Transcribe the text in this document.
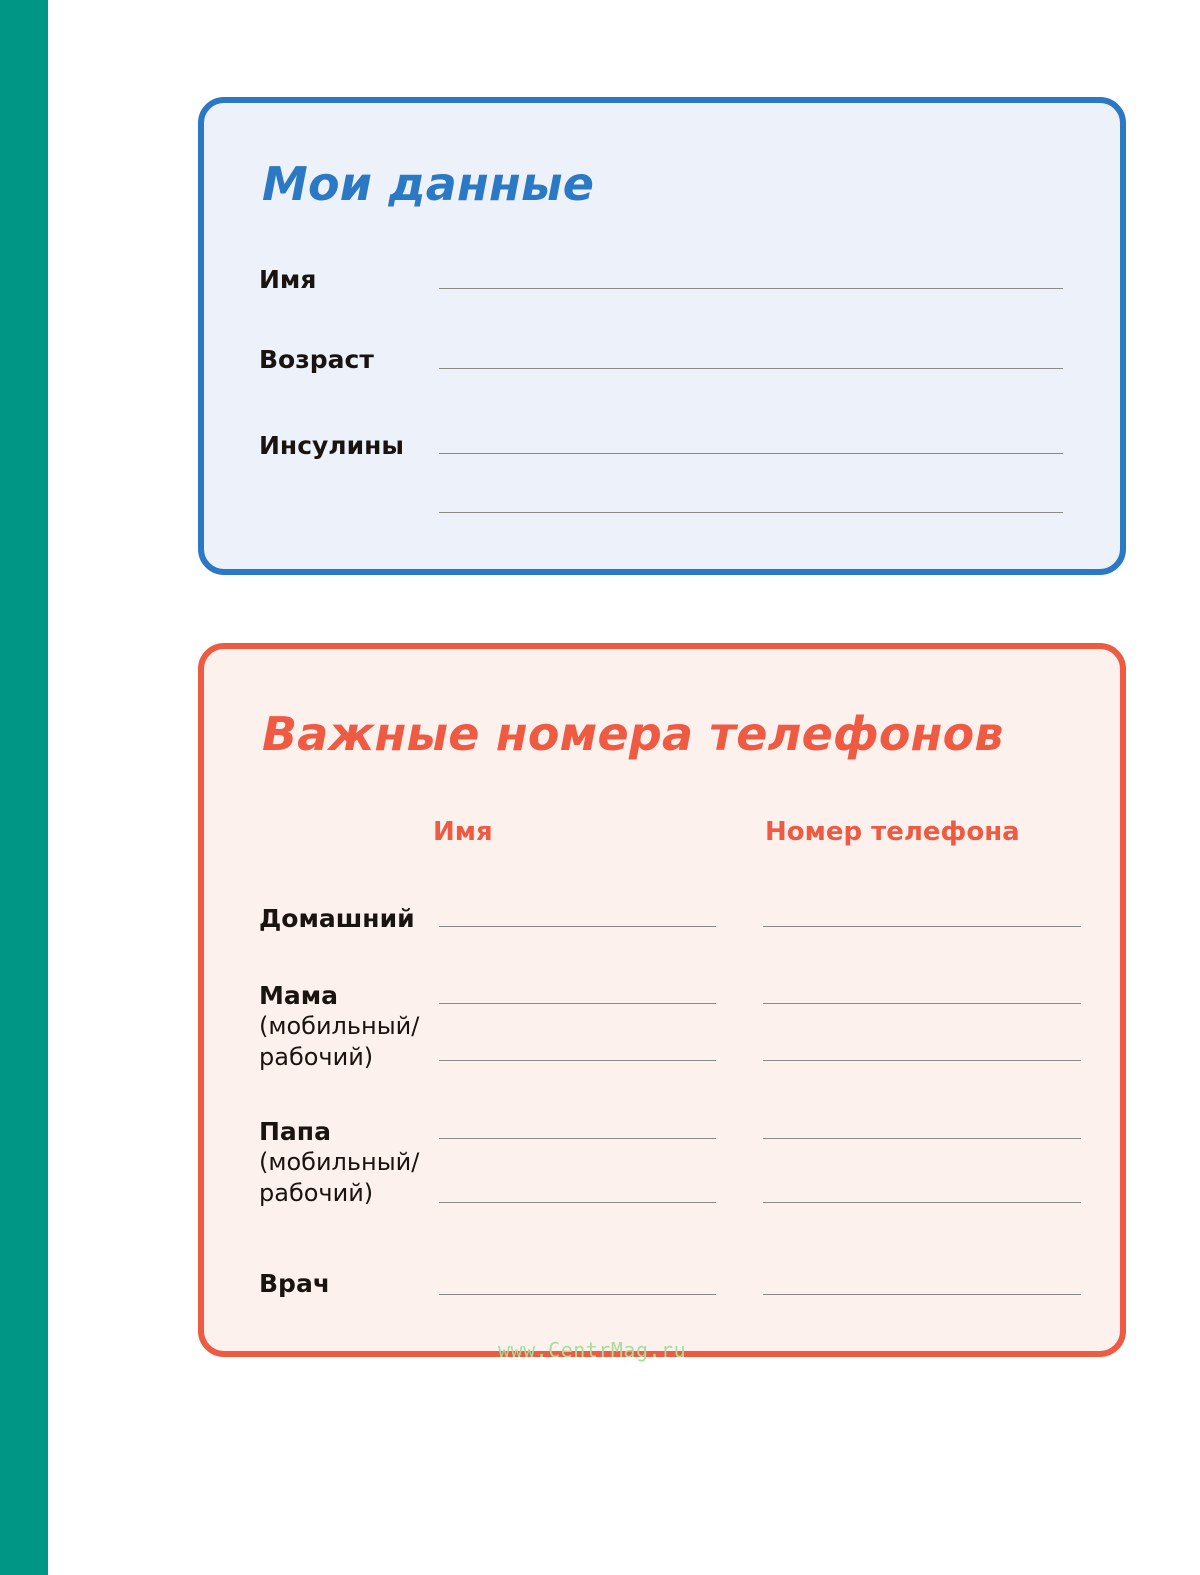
Мои данные
Имя
Возраст
Инсулины
Важные номера телефонов
Имя	Номер телефона
Домашний
Мама
(мобильный/
рабочий)
Папа
(мобильный/
рабочий)
Врач
www.CentrMag.ru
